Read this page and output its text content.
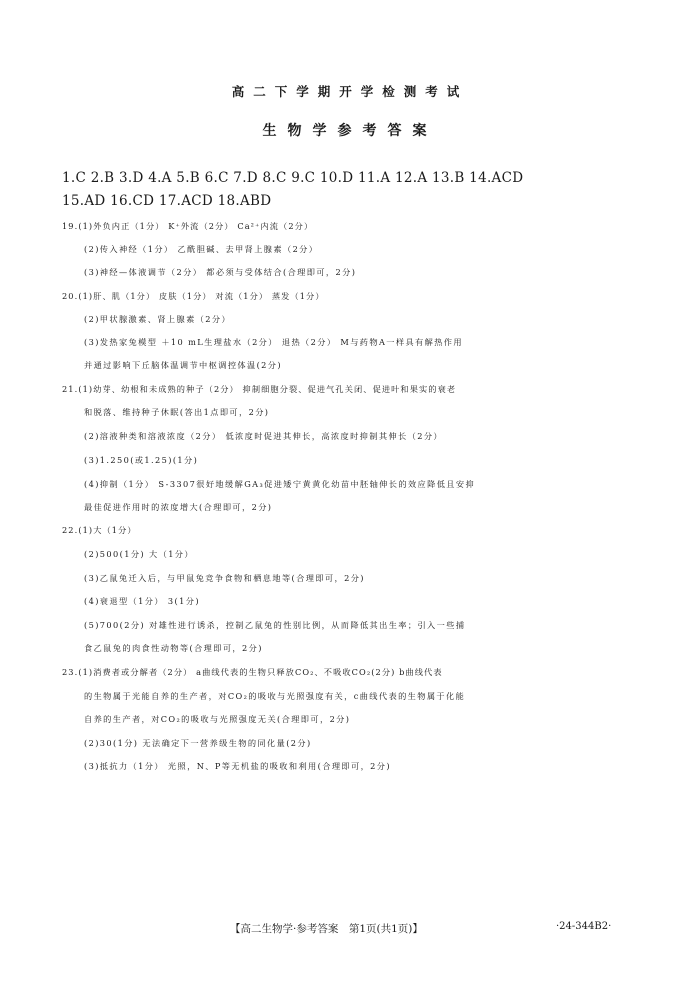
高二下学期开学检测考试
生物学参考答案
1.C 2.B 3.D 4.A 5.B 6.C 7.D 8.C 9.C 10.D 11.A 12.A 13.B 14.ACD
15.AD 16.CD 17.ACD 18.ABD
19.(1)外负内正（1分） K⁺外流（2分） Ca²⁺内流（2分）
(2)传入神经（1分） 乙酰胆碱、去甲肾上腺素（2分）
(3)神经—体液调节（2分） 都必须与受体结合(合理即可，2分)
20.(1)肝、肌（1分） 皮肤（1分） 对流（1分） 蒸发（1分）
(2)甲状腺激素、肾上腺素（2分）
(3)发热家兔模型 ＋10 mL生理盐水（2分） 退热（2分） M与药物A一样具有解热作用
并通过影响下丘脑体温调节中枢调控体温(2分)
21.(1)幼芽、幼根和未成熟的种子（2分） 抑制细胞分裂、促进气孔关闭、促进叶和果实的衰老
和脱落、维持种子休眠(答出1点即可，2分)
(2)溶液种类和溶液浓度（2分） 低浓度时促进其伸长，高浓度时抑制其伸长（2分）
(3)1.250(或1.25)(1分)
(4)抑制（1分） S-3307很好地缓解GA₃促进矮宁黄黄化幼苗中胚轴伸长的效应降低且安抑
最佳促进作用时的浓度增大(合理即可，2分)
22.(1)大（1分）
(2)500(1分) 大（1分）
(3)乙鼠兔迁入后，与甲鼠兔竞争食物和栖息地等(合理即可，2分)
(4)衰退型（1分） 3(1分)
(5)700(2分) 对雄性进行诱杀，控制乙鼠兔的性别比例，从而降低其出生率；引入一些捕
食乙鼠兔的肉食性动物等(合理即可，2分)
23.(1)消费者或分解者（2分） a曲线代表的生物只释放CO₂、不吸收CO₂(2分) b曲线代表
的生物属于光能自养的生产者，对CO₂的吸收与光照强度有关，c曲线代表的生物属于化能
自养的生产者，对CO₂的吸收与光照强度无关(合理即可，2分)
(2)30(1分) 无法确定下一营养级生物的同化量(2分)
(3)抵抗力（1分） 光照，N、P等无机盐的吸收和利用(合理即可，2分)
【高二生物学·参考答案　第1页(共1页)】	·24-344B2·
